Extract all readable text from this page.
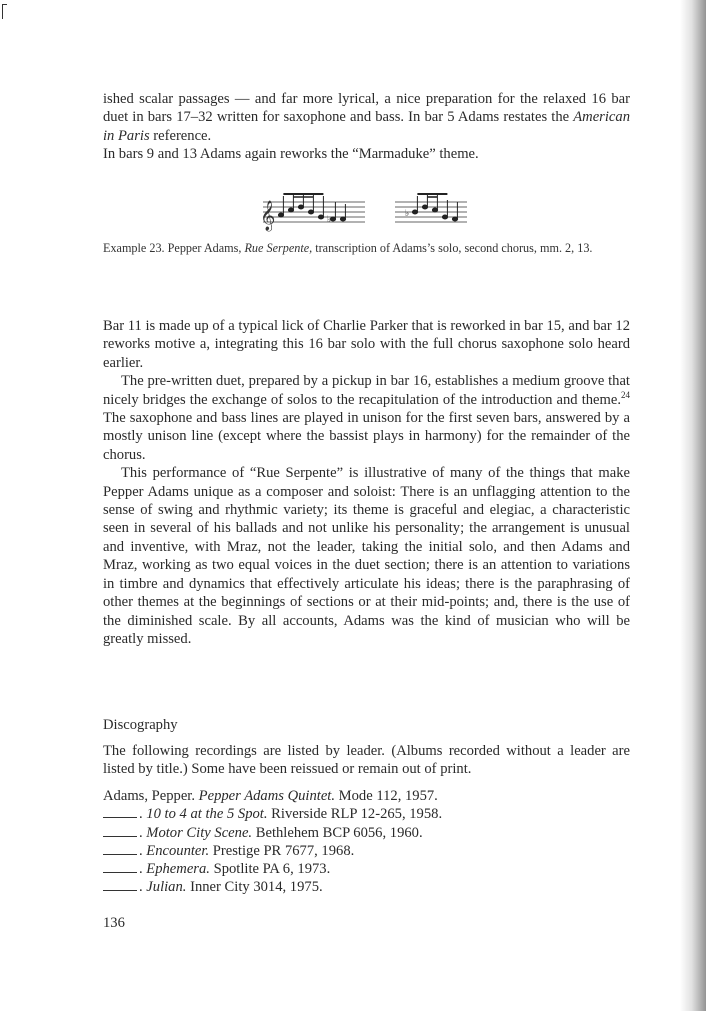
ished scalar passages — and far more lyrical, a nice preparation for the relaxed 16 bar duet in bars 17–32 written for saxophone and bass. In bar 5 Adams restates the American in Paris reference.

In bars 9 and 13 Adams again reworks the “Marmaduke” theme.

𝄞	♭
♭
Example 23. Pepper Adams, Rue Serpente, transcription of Adams’s solo, second chorus, mm. 2, 13.

Bar 11 is made up of a typical lick of Charlie Parker that is reworked in bar 15, and bar 12 reworks motive a, integrating this 16 bar solo with the full chorus saxophone solo heard earlier.

The pre-written duet, prepared by a pickup in bar 16, establishes a medium groove that nicely bridges the exchange of solos to the recapitulation of the introduction and theme.$^{24}$ The saxophone and bass lines are played in unison for the first seven bars, answered by a mostly unison line (except where the bassist plays in harmony) for the remainder of the chorus.

This performance of “Rue Serpente” is illustrative of many of the things that make Pepper Adams unique as a composer and soloist: There is an unflagging attention to the sense of swing and rhythmic variety; its theme is graceful and elegiac, a characteristic seen in several of his ballads and not unlike his personality; the arrangement is unusual and inventive, with Mraz, not the leader, taking the initial solo, and then Adams and Mraz, working as two equal voices in the duet section; there is an attention to variations in timbre and dynamics that effectively articulate his ideas; there is the paraphrasing of other themes at the beginnings of sections or at their mid-points; and, there is the use of the diminished scale. By all accounts, Adams was the kind of musician who will be greatly missed.

Discography

The following recordings are listed by leader. (Albums recorded without a leader are listed by title.) Some have been reissued or remain out of print.

Adams, Pepper. Pepper Adams Quintet. Mode 112, 1957.
. 10 to 4 at the 5 Spot. Riverside RLP 12-265, 1958.
. Motor City Scene. Bethlehem BCP 6056, 1960.
. Encounter. Prestige PR 7677, 1968.
. Ephemera. Spotlite PA 6, 1973.
. Julian. Inner City 3014, 1975.
136
